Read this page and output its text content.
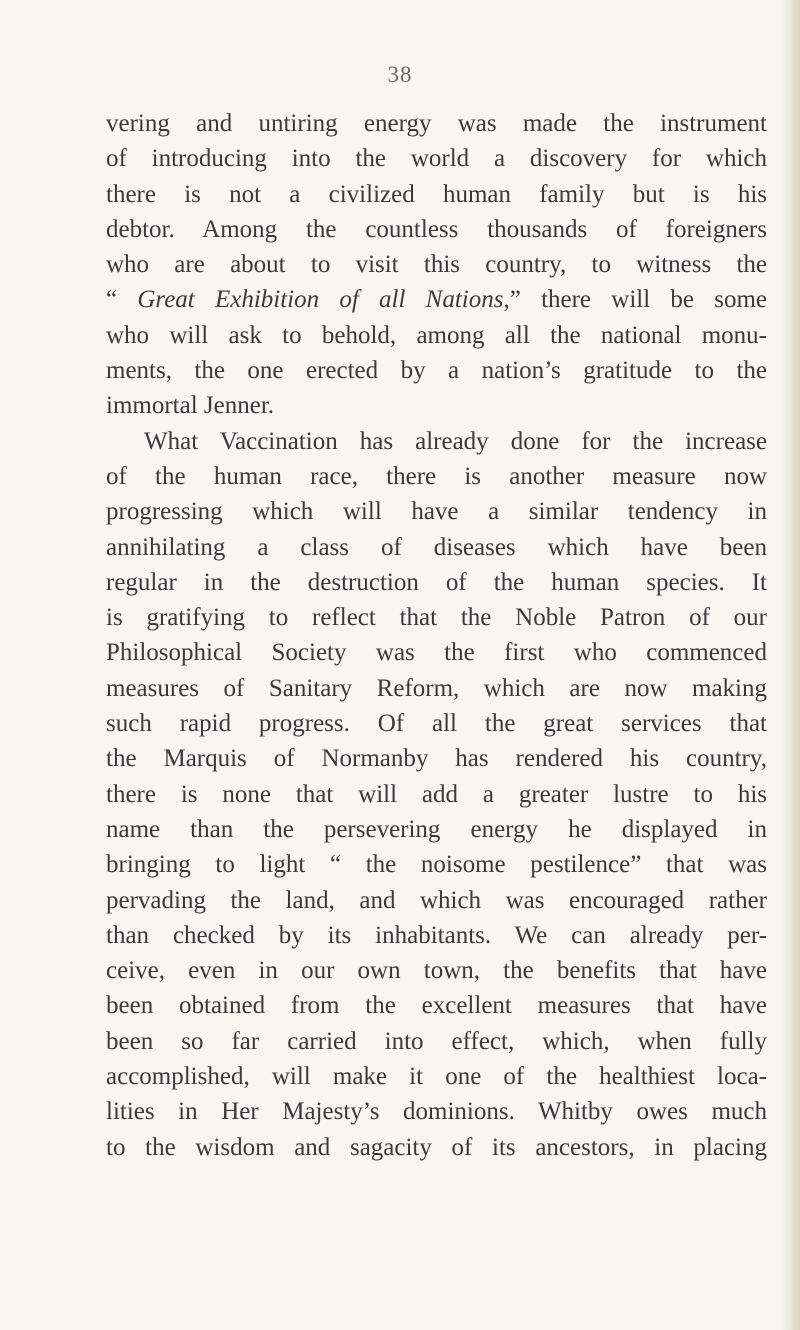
38
vering and untiring energy was made the instrument
of introducing into the world a discovery for which
there is not a civilized human family but is his
debtor. Among the countless thousands of foreigners
who are about to visit this country, to witness the
“ Great Exhibition of all Nations,” there will be some
who will ask to behold, among all the national monu-
ments, the one erected by a nation’s gratitude to the
immortal Jenner.
What Vaccination has already done for the increase
of the human race, there is another measure now
progressing which will have a similar tendency in
annihilating a class of diseases which have been
regular in the destruction of the human species. It
is gratifying to reflect that the Noble Patron of our
Philosophical Society was the first who commenced
measures of Sanitary Reform, which are now making
such rapid progress. Of all the great services that
the Marquis of Normanby has rendered his country,
there is none that will add a greater lustre to his
name than the persevering energy he displayed in
bringing to light “ the noisome pestilence” that was
pervading the land, and which was encouraged rather
than checked by its inhabitants. We can already per-
ceive, even in our own town, the benefits that have
been obtained from the excellent measures that have
been so far carried into effect, which, when fully
accomplished, will make it one of the healthiest loca-
lities in Her Majesty’s dominions. Whitby owes much
to the wisdom and sagacity of its ancestors, in placing
